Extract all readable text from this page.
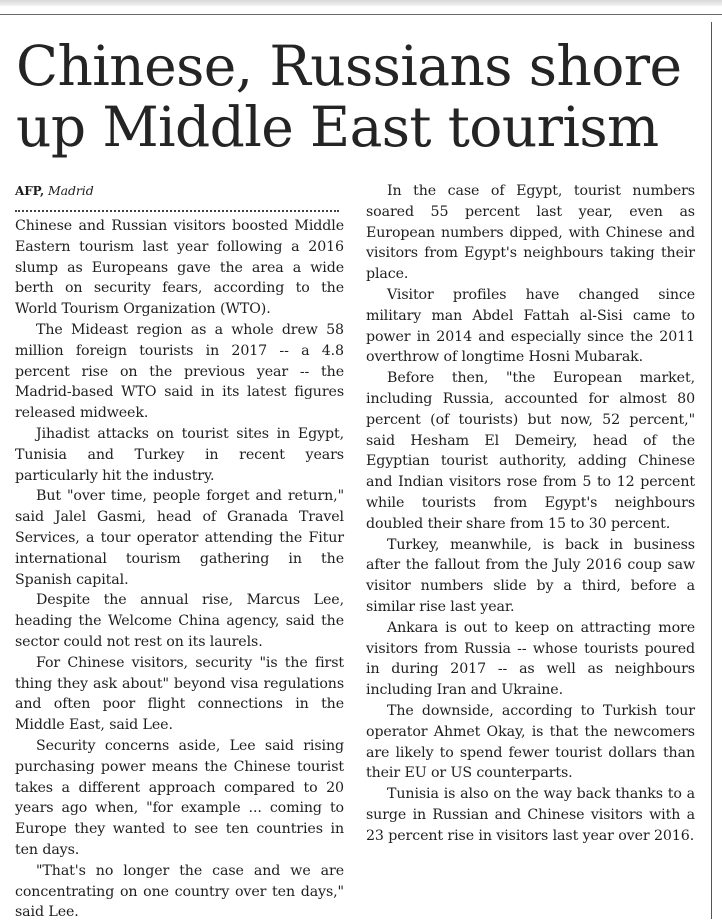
Chinese, Russians shore up Middle East tourism
AFP, Madrid

Chinese and Russian visitors boosted Middle Eastern tourism last year following a 2016 slump as Europeans gave the area a wide berth on security fears, according to the World Tourism Organization (WTO).

The Mideast region as a whole drew 58 million foreign tourists in 2017 -- a 4.8 percent rise on the previous year -- the Madrid-based WTO said in its latest figures released midweek.

Jihadist attacks on tourist sites in Egypt, Tunisia and Turkey in recent years particularly hit the industry.

But "over time, people forget and return," said Jalel Gasmi, head of Granada Travel Services, a tour operator attending the Fitur international tourism gathering in the Spanish capital.

Despite the annual rise, Marcus Lee, heading the Welcome China agency, said the sector could not rest on its laurels.

For Chinese visitors, security "is the first thing they ask about" beyond visa regulations and often poor flight connections in the Middle East, said Lee.

Security concerns aside, Lee said rising purchasing power means the Chinese tourist takes a different approach compared to 20 years ago when, "for example ... coming to Europe they wanted to see ten countries in ten days.

"That's no longer the case and we are concentrating on one country over ten days," said Lee.

In the case of Egypt, tourist numbers soared 55 percent last year, even as European numbers dipped, with Chinese and visitors from Egypt's neighbours taking their place.

Visitor profiles have changed since military man Abdel Fattah al-Sisi came to power in 2014 and especially since the 2011 overthrow of longtime Hosni Mubarak.

Before then, "the European market, including Russia, accounted for almost 80 percent (of tourists) but now, 52 percent," said Hesham El Demeiry, head of the Egyptian tourist authority, adding Chinese and Indian visitors rose from 5 to 12 percent while tourists from Egypt's neighbours doubled their share from 15 to 30 percent.

Turkey, meanwhile, is back in business after the fallout from the July 2016 coup saw visitor numbers slide by a third, before a similar rise last year.

Ankara is out to keep on attracting more visitors from Russia -- whose tourists poured in during 2017 -- as well as neighbours including Iran and Ukraine.

The downside, according to Turkish tour operator Ahmet Okay, is that the newcomers are likely to spend fewer tourist dollars than their EU or US counterparts.

Tunisia is also on the way back thanks to a surge in Russian and Chinese visitors with a 23 percent rise in visitors last year over 2016.
